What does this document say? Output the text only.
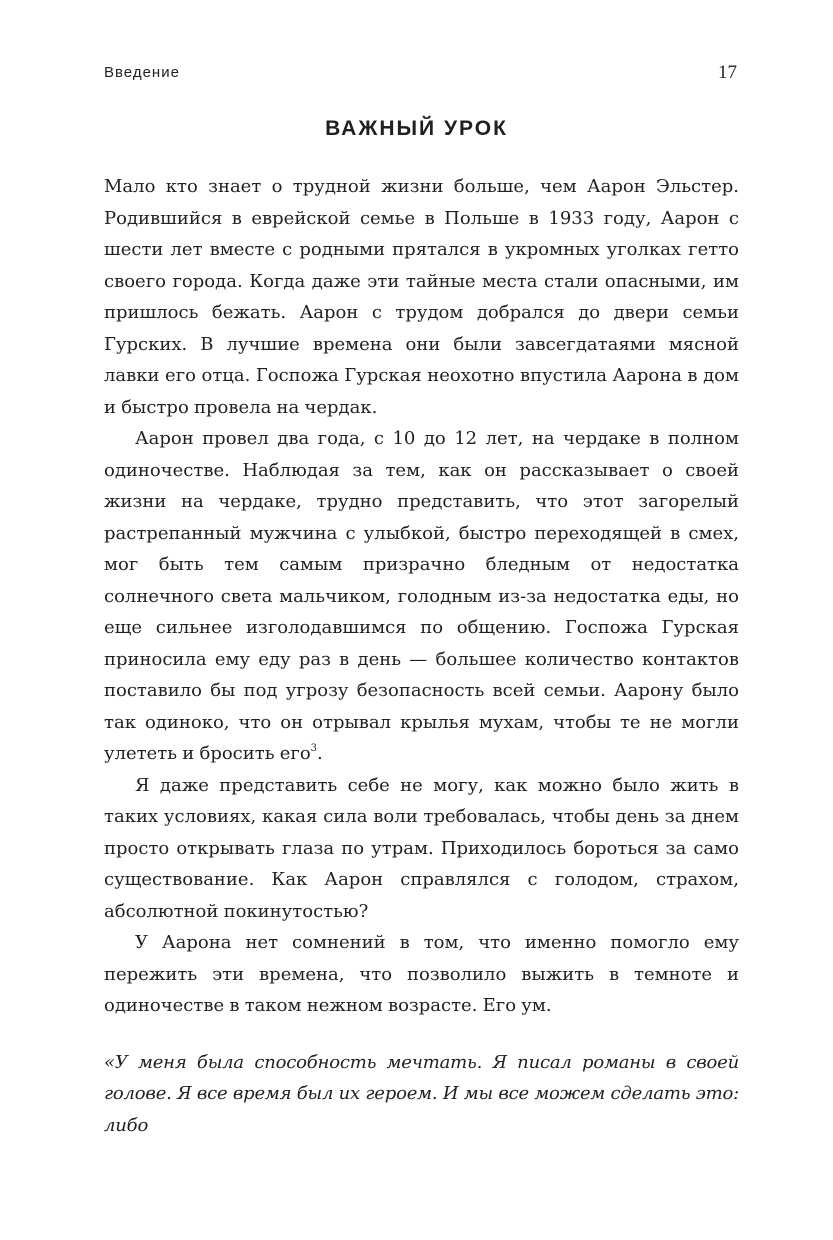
Введение	17
ВАЖНЫЙ УРОК

Мало кто знает о трудной жизни больше, чем Аарон Эльстер. Родившийся в еврейской семье в Польше в 1933 году, Аарон с шести лет вместе с родными прятался в укромных уголках гетто своего города. Когда даже эти тайные места стали опасными, им пришлось бежать. Аарон с трудом добрался до двери семьи Гурских. В лучшие времена они были завсегдатаями мясной лавки его отца. Госпожа Гурская неохотно впустила Аарона в дом и быстро провела на чердак.

Аарон провел два года, с 10 до 12 лет, на чердаке в полном одиночестве. Наблюдая за тем, как он рассказывает о своей жизни на чердаке, трудно представить, что этот загорелый растрепанный мужчина с улыбкой, быстро переходящей в смех, мог быть тем самым призрачно бледным от недостатка солнечного света мальчиком, голодным из-за недостатка еды, но еще сильнее изголодавшимся по общению. Госпожа Гурская приносила ему еду раз в день — большее количество контактов поставило бы под угрозу безопасность всей семьи. Аарону было так одиноко, что он отрывал крылья мухам, чтобы те не могли улететь и бросить его$^3$.

Я даже представить себе не могу, как можно было жить в таких условиях, какая сила воли требовалась, чтобы день за днем просто открывать глаза по утрам. Приходилось бороться за само существование. Как Аарон справлялся с голодом, страхом, абсолютной покинутостью?

У Аарона нет сомнений в том, что именно помогло ему пережить эти времена, что позволило выжить в темноте и одиночестве в таком нежном возрасте. Его ум.

«У меня была способность мечтать. Я писал романы в своей голове. Я все время был их героем. И мы все можем сделать это: либо
